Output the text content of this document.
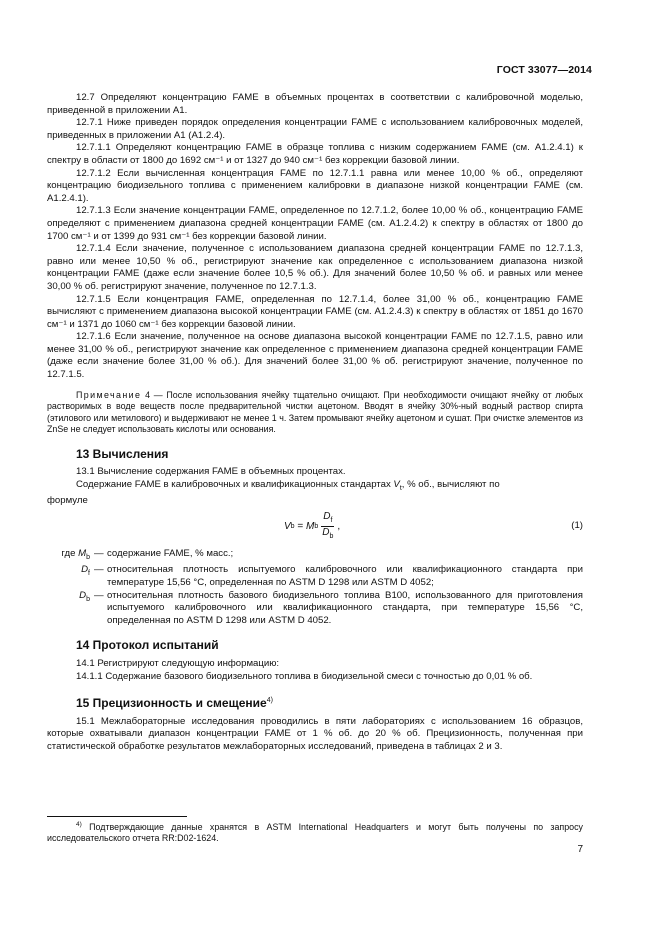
ГОСТ 33077—2014

12.7 Определяют концентрацию FAME в объемных процентах в соответствии с калибровочной моделью, приведенной в приложении А1.

12.7.1 Ниже приведен порядок определения концентрации FAME с использованием калибровочных моделей, приведенных в приложении А1 (А1.2.4).

12.7.1.1 Определяют концентрацию FAME в образце топлива с низким содержанием FAME (см. А1.2.4.1) к спектру в области от 1800 до 1692 см⁻¹ и от 1327 до 940 см⁻¹ без коррекции базовой линии.

12.7.1.2 Если вычисленная концентрация FAME по 12.7.1.1 равна или менее 10,00 % об., определяют концентрацию биодизельного топлива с применением калибровки в диапазоне низкой концентрации FAME (см. А1.2.4.1).

12.7.1.3 Если значение концентрации FAME, определенное по 12.7.1.2, более 10,00 % об., концентрацию FAME определяют с применением диапазона средней концентрации FAME (см. А1.2.4.2) к спектру в областях от 1800 до 1700 см⁻¹ и от 1399 до 931 см⁻¹ без коррекции базовой линии.

12.7.1.4 Если значение, полученное с использованием диапазона средней концентрации FAME по 12.7.1.3, равно или менее 10,50 % об., регистрируют значение как определенное с использованием диапазона низкой концентрации FAME (даже если значение более 10,5 % об.). Для значений более 10,50 % об. и равных или менее 30,00 % об. регистрируют значение, полученное по 12.7.1.3.

12.7.1.5 Если концентрация FAME, определенная по 12.7.1.4, более 31,00 % об., концентрацию FAME вычисляют с применением диапазона высокой концентрации FAME (см. А1.2.4.3) к спектру в областях от 1851 до 1670 см⁻¹ и 1371 до 1060 см⁻¹ без коррекции базовой линии.

12.7.1.6 Если значение, полученное на основе диапазона высокой концентрации FAME по 12.7.1.5, равно или менее 31,00 % об., регистрируют значение как определенное с применением диапазона средней концентрации FAME (даже если значение более 31,00 % об.). Для значений более 31,00 % об. регистрируют значение, полученное по 12.7.1.5.

Примечание 4 — После использования ячейку тщательно очищают. При необходимости очищают ячейку от любых растворимых в воде веществ после предварительной чистки ацетоном. Вводят в ячейку 30%-ный водный раствор спирта (этилового или метилового) и выдерживают не менее 1 ч. Затем промывают ячейку ацетоном и сушат. При очистке элементов из ZnSe не следует использовать кислоты или основания.

13 Вычисления

13.1 Вычисление содержания FAME в объемных процентах.

Содержание FAME в калибровочных и квалификационных стандартах $V_t$, % об., вычисляют по

формуле

V b = M b $\frac{D_f}{D_b}$ ,	(1)
где $M_b$ — содержание FAME, % масс.;
$D_f$ — относительная плотность испытуемого калибровочного или квалификационного стандарта при температуре 15,56 °С, определенная по ASTM D 1298 или ASTM D 4052;
$D_b$ — относительная плотность базового биодизельного топлива В100, использованного для приготовления испытуемого калибровочного или квалификационного стандарта, при температуре 15,56 °С, определенная по ASTM D 1298 или ASTM D 4052.
14 Протокол испытаний

14.1 Регистрируют следующую информацию:

14.1.1 Содержание базового биодизельного топлива в биодизельной смеси с точностью до 0,01 % об.

15 Прецизионность и смещение$^{4)}$

15.1 Межлабораторные исследования проводились в пяти лабораториях с использованием 16 образцов, которые охватывали диапазон концентрации FAME от 1 % об. до 20 % об. Прецизионность, полученная при статистической обработке результатов межлабораторных исследований, приведена в таблицах 2 и 3.

$^{4)}$ Подтверждающие данные хранятся в ASTM International Headquarters и могут быть получены по запросу исследовательского отчета RR:D02-1624.
7
